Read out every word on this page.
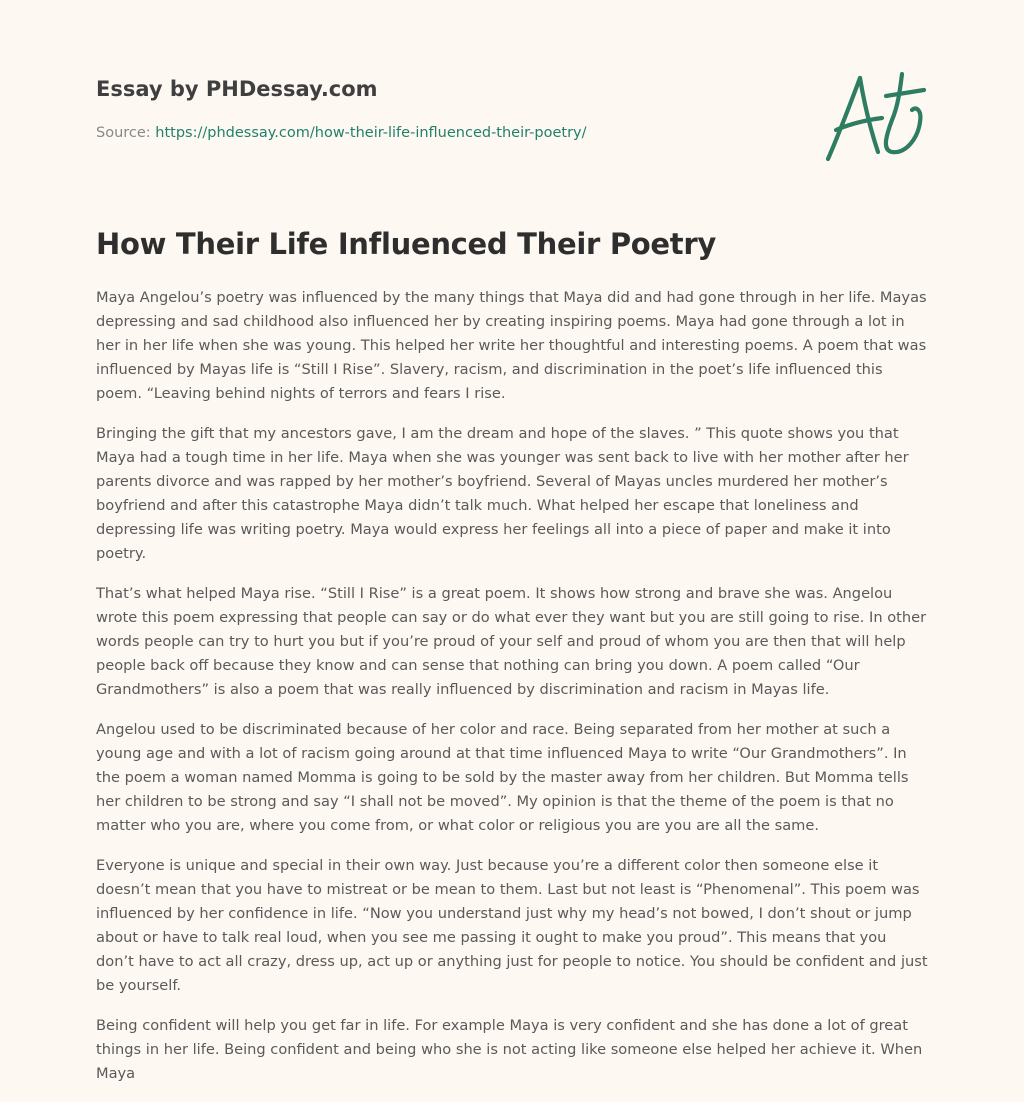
Essay by PHDessay.com
Source: https://phdessay.com/how-their-life-influenced-their-poetry/
How Their Life Influenced Their Poetry

Maya Angelou’s poetry was influenced by the many things that Maya did and had gone through in her life. Mayas depressing and sad childhood also influenced her by creating inspiring poems. Maya had gone through a lot in her in her life when she was young. This helped her write her thoughtful and interesting poems. A poem that was influenced by Mayas life is “Still I Rise”. Slavery, racism, and discrimination in the poet’s life influenced this poem. “Leaving behind nights of terrors and fears I rise.

Bringing the gift that my ancestors gave, I am the dream and hope of the slaves. ” This quote shows you that Maya had a tough time in her life. Maya when she was younger was sent back to live with her mother after her parents divorce and was rapped by her mother’s boyfriend. Several of Mayas uncles murdered her mother’s boyfriend and after this catastrophe Maya didn’t talk much. What helped her escape that loneliness and depressing life was writing poetry. Maya would express her feelings all into a piece of paper and make it into poetry.

That’s what helped Maya rise. “Still I Rise” is a great poem. It shows how strong and brave she was. Angelou wrote this poem expressing that people can say or do what ever they want but you are still going to rise. In other words people can try to hurt you but if you’re proud of your self and proud of whom you are then that will help people back off because they know and can sense that nothing can bring you down. A poem called “Our Grandmothers” is also a poem that was really influenced by discrimination and racism in Mayas life.

Angelou used to be discriminated because of her color and race. Being separated from her mother at such a young age and with a lot of racism going around at that time influenced Maya to write “Our Grandmothers”. In the poem a woman named Momma is going to be sold by the master away from her children. But Momma tells her children to be strong and say “I shall not be moved”. My opinion is that the theme of the poem is that no matter who you are, where you come from, or what color or religious you are you are all the same.

Everyone is unique and special in their own way. Just because you’re a different color then someone else it doesn’t mean that you have to mistreat or be mean to them. Last but not least is “Phenomenal”. This poem was influenced by her confidence in life. “Now you understand just why my head’s not bowed, I don’t shout or jump about or have to talk real loud, when you see me passing it ought to make you proud”. This means that you don’t have to act all crazy, dress up, act up or anything just for people to notice. You should be confident and just be yourself.

Being confident will help you get far in life. For example Maya is very confident and she has done a lot of great things in her life. Being confident and being who she is not acting like someone else helped her achieve it. When Maya
